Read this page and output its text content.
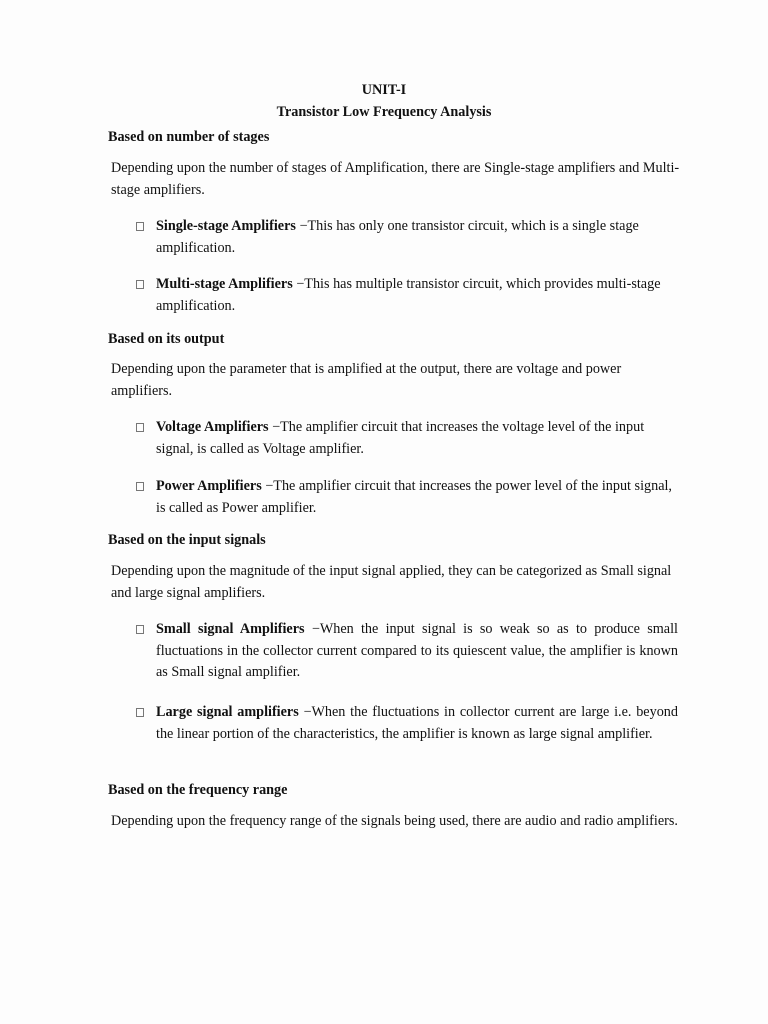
UNIT-I
Transistor Low Frequency Analysis
Based on number of stages
Depending upon the number of stages of Amplification, there are Single-stage amplifiers and Multi-stage amplifiers.
Single-stage Amplifiers −This has only one transistor circuit, which is a single stage amplification.
Multi-stage Amplifiers −This has multiple transistor circuit, which provides multi-stage amplification.
Based on its output
Depending upon the parameter that is amplified at the output, there are voltage and power amplifiers.
Voltage Amplifiers −The amplifier circuit that increases the voltage level of the input signal, is called as Voltage amplifier.
Power Amplifiers −The amplifier circuit that increases the power level of the input signal, is called as Power amplifier.
Based on the input signals
Depending upon the magnitude of the input signal applied, they can be categorized as Small signal and large signal amplifiers.
Small signal Amplifiers −When the input signal is so weak so as to produce small fluctuations in the collector current compared to its quiescent value, the amplifier is known as Small signal amplifier.
Large signal amplifiers −When the fluctuations in collector current are large i.e. beyond the linear portion of the characteristics, the amplifier is known as large signal amplifier.
Based on the frequency range
Depending upon the frequency range of the signals being used, there are audio and radio amplifiers.
